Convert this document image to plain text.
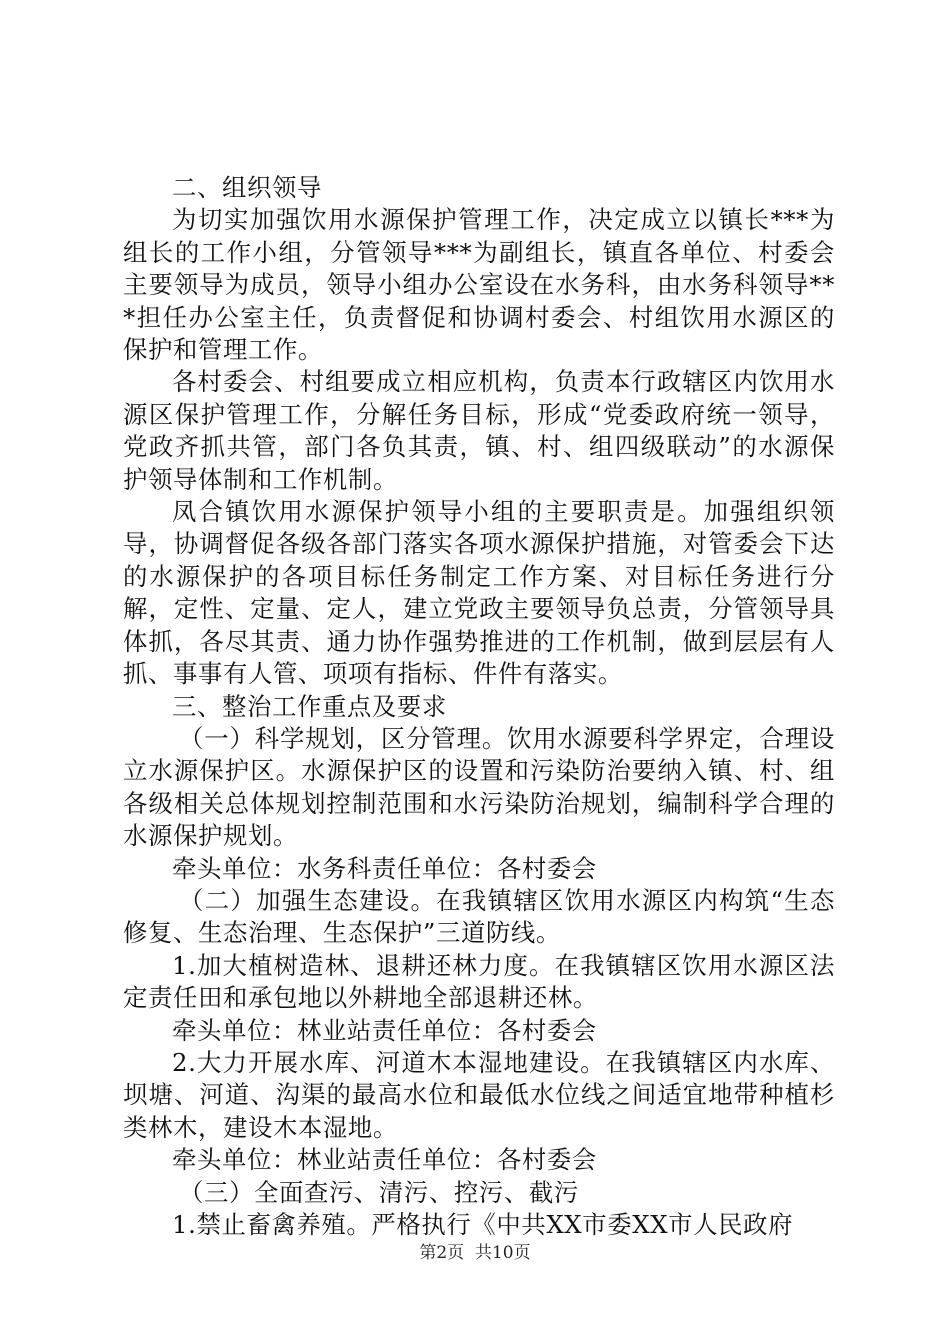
二、组织领导

为切实加强饮用水源保护管理工作，决定成立以镇长***为组长的工作小组，分管领导***为副组长，镇直各单位、村委会主要领导为成员，领导小组办公室设在水务科，由水务科领导***担任办公室主任，负责督促和协调村委会、村组饮用水源区的保护和管理工作。

各村委会、村组要成立相应机构，负责本行政辖区内饮用水源区保护管理工作，分解任务目标，形成“党委政府统一领导，党政齐抓共管，部门各负其责，镇、村、组四级联动”的水源保护领导体制和工作机制。

凤合镇饮用水源保护领导小组的主要职责是。加强组织领导，协调督促各级各部门落实各项水源保护措施，对管委会下达的水源保护的各项目标任务制定工作方案、对目标任务进行分解，定性、定量、定人，建立党政主要领导负总责，分管领导具体抓，各尽其责、通力协作强势推进的工作机制，做到层层有人抓、事事有人管、项项有指标、件件有落实。

三、整治工作重点及要求

（一）科学规划，区分管理。饮用水源要科学界定，合理设立水源保护区。水源保护区的设置和污染防治要纳入镇、村、组各级相关总体规划控制范围和水污染防治规划，编制科学合理的水源保护规划。

牵头单位：水务科责任单位：各村委会

（二）加强生态建设。在我镇辖区饮用水源区内构筑“生态修复、生态治理、生态保护”三道防线。

1.加大植树造林、退耕还林力度。在我镇辖区饮用水源区法定责任田和承包地以外耕地全部退耕还林。

牵头单位：林业站责任单位：各村委会

2.大力开展水库、河道木本湿地建设。在我镇辖区内水库、坝塘、河道、沟渠的最高水位和最低水位线之间适宜地带种植杉类林木，建设木本湿地。

牵头单位：林业站责任单位：各村委会

（三）全面查污、清污、控污、截污

1.禁止畜禽养殖。严格执行《中共XX市委XX市人民政府

第2页  共10页
